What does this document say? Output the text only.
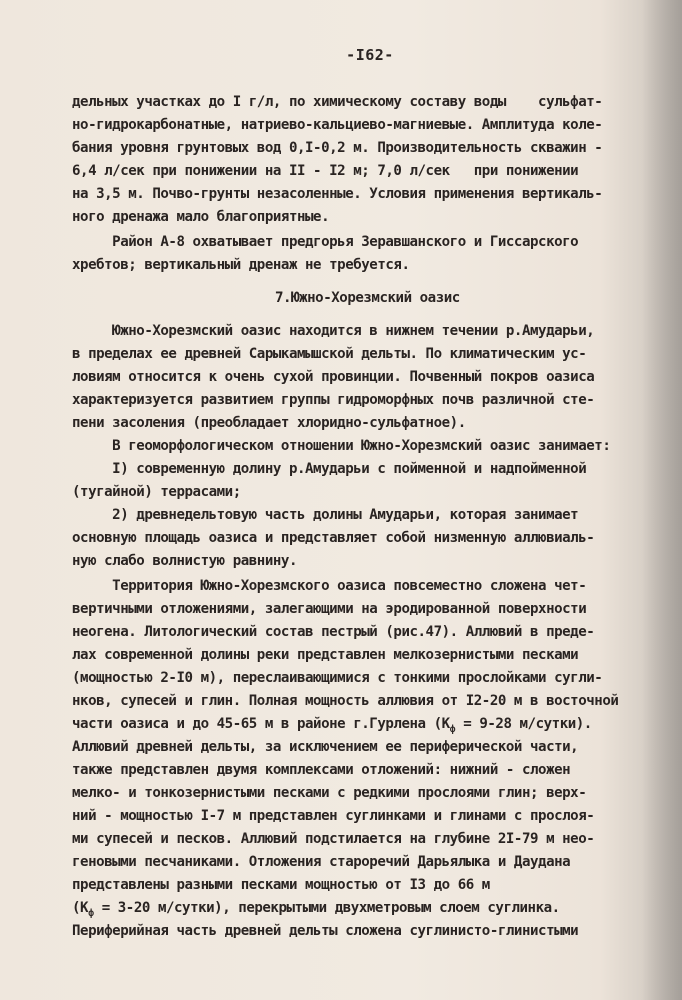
-I62-
дельных участках до I г/л, по химическому составу воды    сульфат-
но-гидрокарбонатные, натриево-кальциево-магниевые. Амплитуда коле-
бания уровня грунтовых вод 0,I-0,2 м. Производительность скважин -
6,4 л/сек при понижении на II - I2 м; 7,0 л/сек   при понижении
на 3,5 м. Почво-грунты незасоленные. Условия применения вертикаль-
ного дренажа мало благоприятные.
Район А-8 охватывает предгорья Зеравшанского и Гиссарского
хребтов; вертикальный дренаж не требуется.
7.Южно-Хорезмский оазис
Южно-Хорезмский оазис находится в нижнем течении р.Амударьи,
в пределах ее древней Сарыкамышской дельты. По климатическим ус-
ловиям относится к очень сухой провинции. Почвенный покров оазиса
характеризуется развитием группы гидроморфных почв различной сте-
пени засоления (преобладает хлоридно-сульфатное).
В геоморфологическом отношении Южно-Хорезмский оазис занимает:
I) современную долину р.Амударьи с пойменной и надпойменной
(тугайной) террасами;
2) древнедельтовую часть долины Амударьи, которая занимает
основную площадь оазиса и представляет собой низменную аллювиаль-
ную слабо волнистую равнину.
Территория Южно-Хорезмского оазиса повсеместно сложена чет-
вертичными отложениями, залегающими на эродированной поверхности
неогена. Литологический состав пестрый (рис.47). Аллювий в преде-
лах современной долины реки представлен мелкозернистыми песками
(мощностью 2-I0 м), переслаивающимися с тонкими прослойками сугли-
нков, супесей и глин. Полная мощность аллювия от I2-20 м в восточной
части оазиса и до 45-65 м в районе г.Гурлена ($К_ф = 9-28$ м/сутки).
Аллювий древней дельты, за исключением ее периферической части,
также представлен двумя комплексами отложений: нижний - сложен
мелко- и тонкозернистыми песками с редкими прослоями глин; верх-
ний - мощностью I-7 м представлен суглинками и глинами с прослоя-
ми супесей и песков. Аллювий подстилается на глубине 2I-79 м нео-
геновыми песчаниками. Отложения староречий Дарьялыка и Даудана
представлены разными песками мощностью от I3 до 66 м
($К_ф = 3-20$ м/сутки), перекрытыми двухметровым слоем суглинка.
Периферийная часть древней дельты сложена суглинисто-глинистыми
